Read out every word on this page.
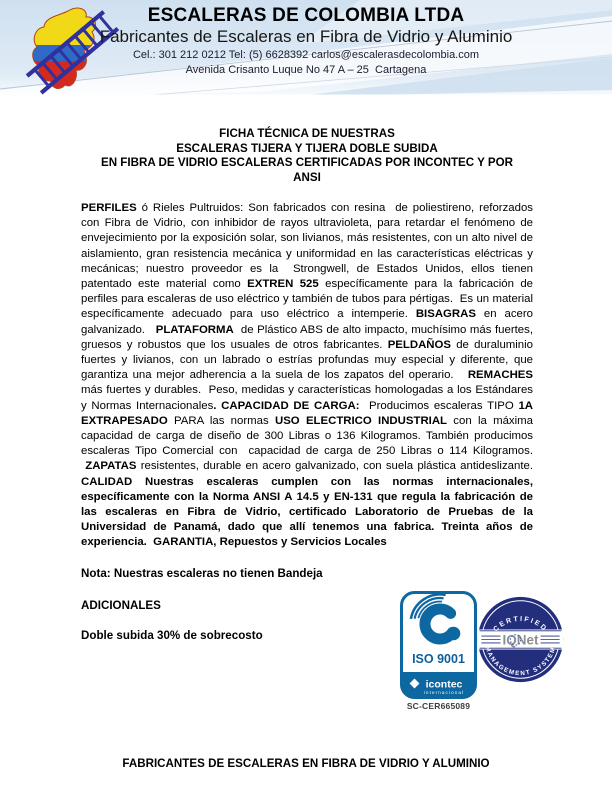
ESCALERAS DE COLOMBIA LTDA
Fabricantes de Escaleras en Fibra de Vidrio y Aluminio
Cel.: 301 212 0212 Tel: (5) 6628392 carlos@escalerasdecolombia.com
Avenida Crisanto Luque No 47 A – 25  Cartagena
FICHA TÉCNICA DE NUESTRAS
ESCALERAS TIJERA Y TIJERA DOBLE SUBIDA
EN FIBRA DE VIDRIO ESCALERAS CERTIFICADAS POR INCONTEC Y POR
ANSI
PERFILES ó Rieles Pultruidos: Son fabricados con resina  de poliestireno, reforzados con Fibra de Vidrio, con inhibidor de rayos ultravioleta, para retardar el fenómeno de envejecimiento por la exposición solar, son livianos, más resistentes, con un alto nivel de aislamiento, gran resistencia mecánica y uniformidad en las características eléctricas y mecánicas; nuestro proveedor es la  Strongwell, de Estados Unidos, ellos tienen patentado este material como EXTREN 525 específicamente para la fabricación de perfiles para escaleras de uso eléctrico y también de tubos para pértigas.  Es un material específicamente adecuado para uso eléctrico a intemperie. BISAGRAS en acero galvanizado.   PLATAFORMA  de Plástico ABS de alto impacto, muchísimo más fuertes, gruesos y robustos que los usuales de otros fabricantes. PELDAÑOS de duraluminio fuertes y livianos, con un labrado o estrías profundas muy especial y diferente, que garantiza una mejor adherencia a la suela de los zapatos del operario.   REMACHES más fuertes y durables.  Peso, medidas y características homologadas a los Estándares y Normas Internacionales. CAPACIDAD DE CARGA:  Producimos escaleras TIPO 1A EXTRAPESADO PARA las normas USO ELECTRICO INDUSTRIAL con la máxima capacidad de carga de diseño de 300 Libras o 136 Kilogramos. También producimos escaleras Tipo Comercial con  capacidad de carga de 250 Libras o 114 Kilogramos.  ZAPATAS resistentes, durable en acero galvanizado, con suela plástica antideslizante. CALIDAD Nuestras escaleras cumplen con las normas internacionales, específicamente con la Norma ANSI A 14.5 y EN-131 que regula la fabricación de las escaleras en Fibra de Vidrio, certificado Laboratorio de Pruebas de la Universidad de Panamá, dado que allí tenemos una fabrica. Treinta años de experiencia.  GARANTIA, Repuestos y Servicios Locales
Nota: Nuestras escaleras no tienen Bandeja
ADICIONALES
Doble subida 30% de sobrecosto
ISO 9001
icontec
internacional
SC-CER665089
IQNet
CERTIFIED
MANAGEMENT SYSTEM
FABRICANTES DE ESCALERAS EN FIBRA DE VIDRIO Y ALUMINIO
